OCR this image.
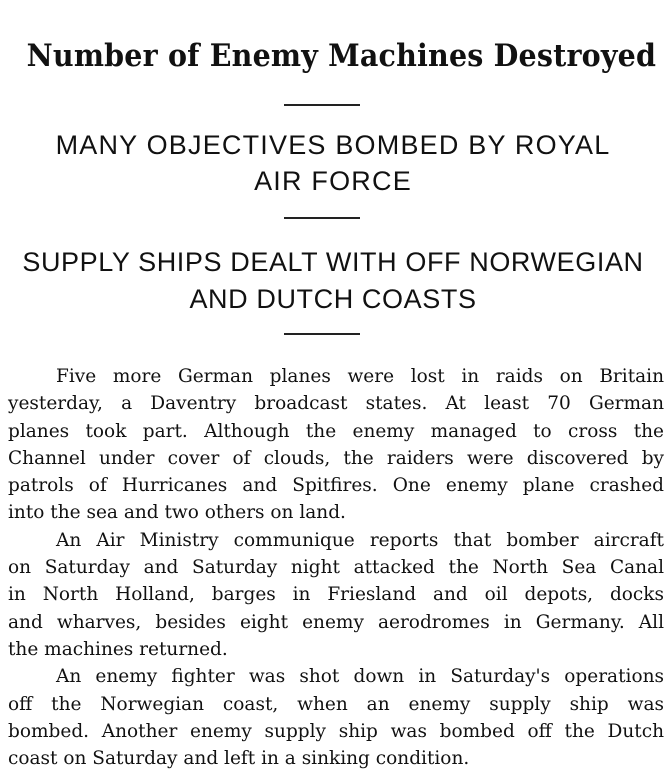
Number of Enemy Machines Destroyed
MANY OBJECTIVES BOMBED BY ROYAL
AIR FORCE
SUPPLY SHIPS DEALT WITH OFF NORWEGIAN
AND DUTCH COASTS
Five more German planes were lost in raids on Britain
yesterday, a Daventry broadcast states. At least 70 German
planes took part. Although the enemy managed to cross the
Channel under cover of clouds, the raiders were discovered by
patrols of Hurricanes and Spitfires. One enemy plane crashed
into the sea and two others on land.
An Air Ministry communique reports that bomber aircraft
on Saturday and Saturday night attacked the North Sea Canal
in North Holland, barges in Friesland and oil depots, docks
and wharves, besides eight enemy aerodromes in Germany. All
the machines returned.
An enemy fighter was shot down in Saturday's operations
off the Norwegian coast, when an enemy supply ship was
bombed. Another enemy supply ship was bombed off the Dutch
coast on Saturday and left in a sinking condition.
